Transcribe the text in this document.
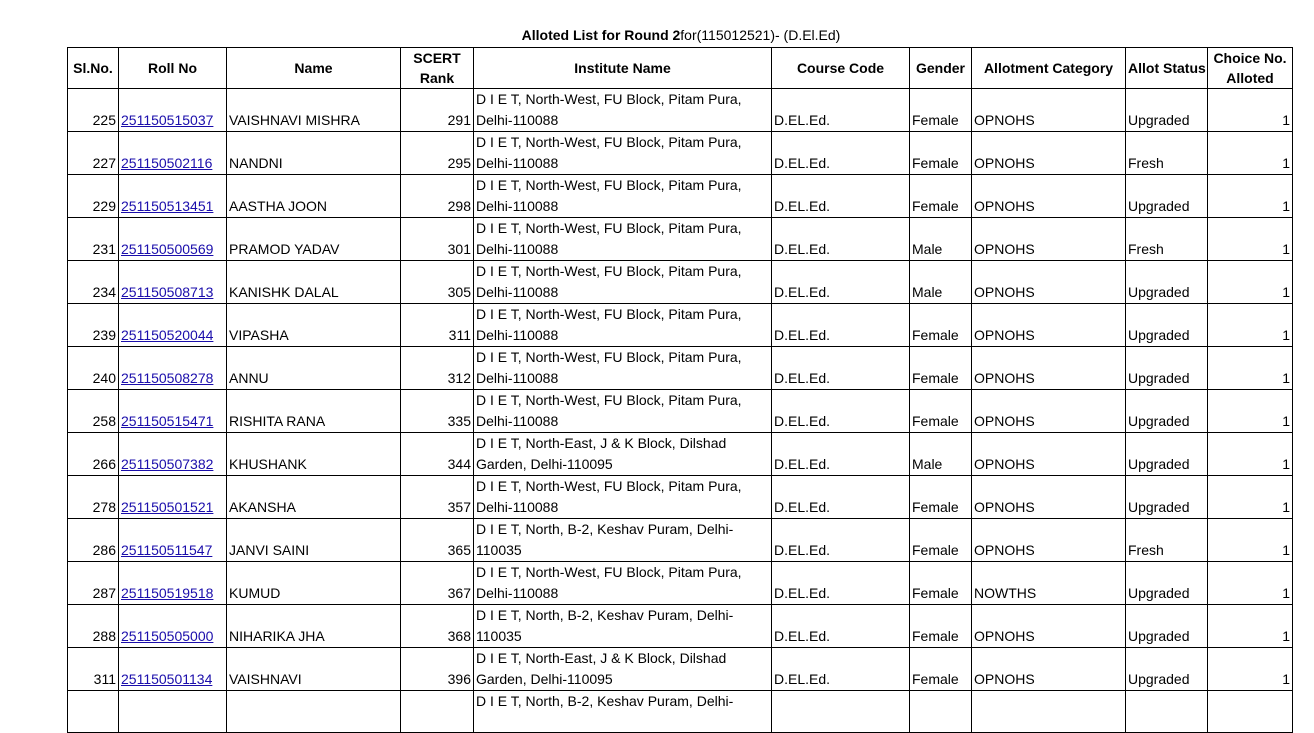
Alloted List for Round 2for(115012521)- (D.El.Ed)
Sl.No.	Roll No	Name	SCERT Rank	Institute Name	Course Code	Gender	Allotment Category	Allot Status	Choice No. Alloted
225	251150515037	VAISHNAVI MISHRA	291	D I E T, North-West, FU Block, Pitam Pura, Delhi-110088	D.EL.Ed.	Female	OPNOHS	Upgraded	1
227	251150502116	NANDNI	295	D I E T, North-West, FU Block, Pitam Pura, Delhi-110088	D.EL.Ed.	Female	OPNOHS	Fresh	1
229	251150513451	AASTHA JOON	298	D I E T, North-West, FU Block, Pitam Pura, Delhi-110088	D.EL.Ed.	Female	OPNOHS	Upgraded	1
231	251150500569	PRAMOD YADAV	301	D I E T, North-West, FU Block, Pitam Pura, Delhi-110088	D.EL.Ed.	Male	OPNOHS	Fresh	1
234	251150508713	KANISHK DALAL	305	D I E T, North-West, FU Block, Pitam Pura, Delhi-110088	D.EL.Ed.	Male	OPNOHS	Upgraded	1
239	251150520044	VIPASHA	311	D I E T, North-West, FU Block, Pitam Pura, Delhi-110088	D.EL.Ed.	Female	OPNOHS	Upgraded	1
240	251150508278	ANNU	312	D I E T, North-West, FU Block, Pitam Pura, Delhi-110088	D.EL.Ed.	Female	OPNOHS	Upgraded	1
258	251150515471	RISHITA RANA	335	D I E T, North-West, FU Block, Pitam Pura, Delhi-110088	D.EL.Ed.	Female	OPNOHS	Upgraded	1
266	251150507382	KHUSHANK	344	D I E T, North-East, J & K Block, Dilshad Garden, Delhi-110095	D.EL.Ed.	Male	OPNOHS	Upgraded	1
278	251150501521	AKANSHA	357	D I E T, North-West, FU Block, Pitam Pura, Delhi-110088	D.EL.Ed.	Female	OPNOHS	Upgraded	1
286	251150511547	JANVI SAINI	365	D I E T, North, B-2, Keshav Puram, Delhi-110035	D.EL.Ed.	Female	OPNOHS	Fresh	1
287	251150519518	KUMUD	367	D I E T, North-West, FU Block, Pitam Pura, Delhi-110088	D.EL.Ed.	Female	NOWTHS	Upgraded	1
288	251150505000	NIHARIKA JHA	368	D I E T, North, B-2, Keshav Puram, Delhi-110035	D.EL.Ed.	Female	OPNOHS	Upgraded	1
311	251150501134	VAISHNAVI	396	D I E T, North-East, J & K Block, Dilshad Garden, Delhi-110095	D.EL.Ed.	Female	OPNOHS	Upgraded	1
				D I E T, North, B-2, Keshav Puram, Delhi-					
